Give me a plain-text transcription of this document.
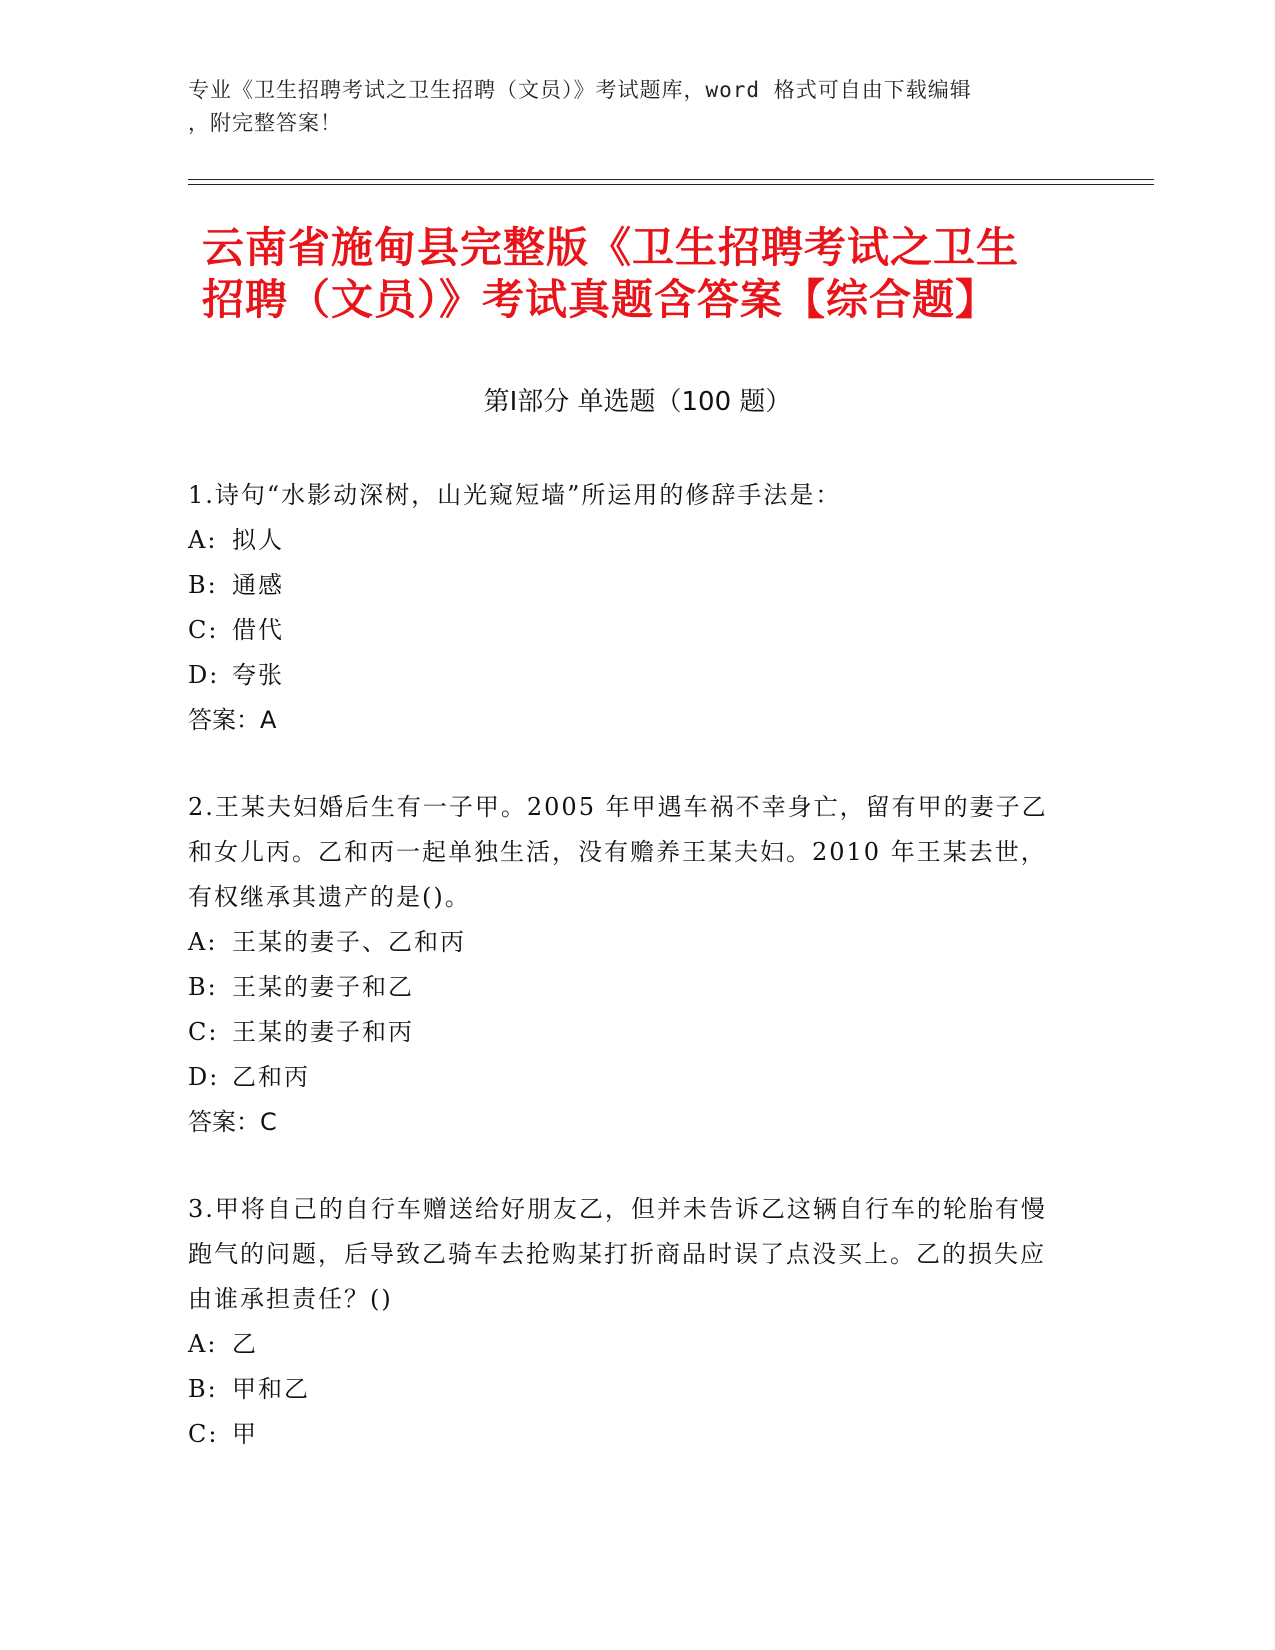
专业《卫生招聘考试之卫生招聘（文员）》考试题库，word 格式可自由下载编辑
，附完整答案！
云南省施甸县完整版《卫生招聘考试之卫生
招聘（文员）》考试真题含答案【综合题】
第Ⅰ部分 单选题（100 题）
1.诗句“水影动深树，山光窥短墙”所运用的修辞手法是：
A: 拟人
B: 通感
C: 借代
D: 夸张
答案：A
2.王某夫妇婚后生有一子甲。2005 年甲遇车祸不幸身亡，留有甲的妻子乙和女儿丙。乙和丙一起单独生活，没有赡养王某夫妇。2010 年王某去世，有权继承其遗产的是()。
A: 王某的妻子、乙和丙
B: 王某的妻子和乙
C: 王某的妻子和丙
D: 乙和丙
答案：C
3.甲将自己的自行车赠送给好朋友乙，但并未告诉乙这辆自行车的轮胎有慢跑气的问题，后导致乙骑车去抢购某打折商品时误了点没买上。乙的损失应由谁承担责任？()
A: 乙
B: 甲和乙
C: 甲
